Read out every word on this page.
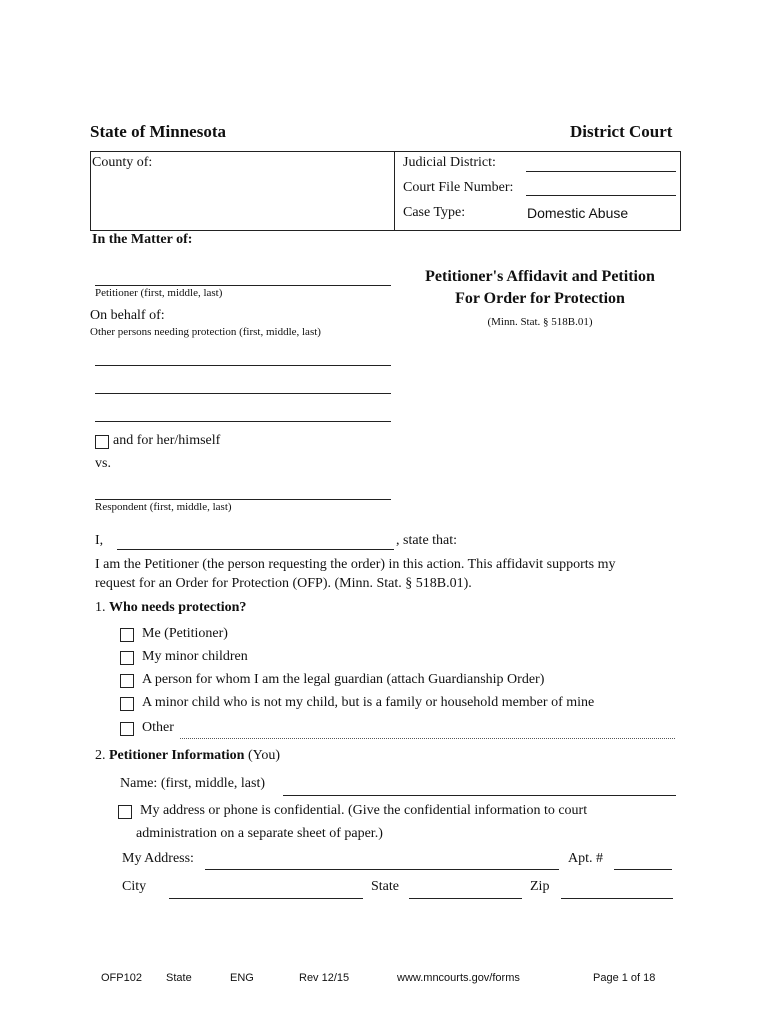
State of Minnesota	District Court
County of:	Judicial District:
Court File Number:
Case Type:	Domestic Abuse
In the Matter of:
Petitioner (first, middle, last)
On behalf of:
Other persons needing protection (first, middle, last)
and for her/himself
vs.
Respondent (first, middle, last)
Petitioner's Affidavit and Petition
For Order for Protection
(Minn. Stat. § 518B.01)
I,	, state that:
I am the Petitioner (the person requesting the order) in this action. This affidavit supports my
request for an Order for Protection (OFP). (Minn. Stat. § 518B.01).
1. Who needs protection?
Me (Petitioner)
My minor children
A person for whom I am the legal guardian (attach Guardianship Order)
A minor child who is not my child, but is a family or household member of mine
Other
2. Petitioner Information (You)
Name: (first, middle, last)
My address or phone is confidential. (Give the confidential information to court
administration on a separate sheet of paper.)
My Address:	Apt. #
City	State	Zip
OFP102 State	ENG	Rev 12/15	www.mncourts.gov/forms	Page 1 of 18
